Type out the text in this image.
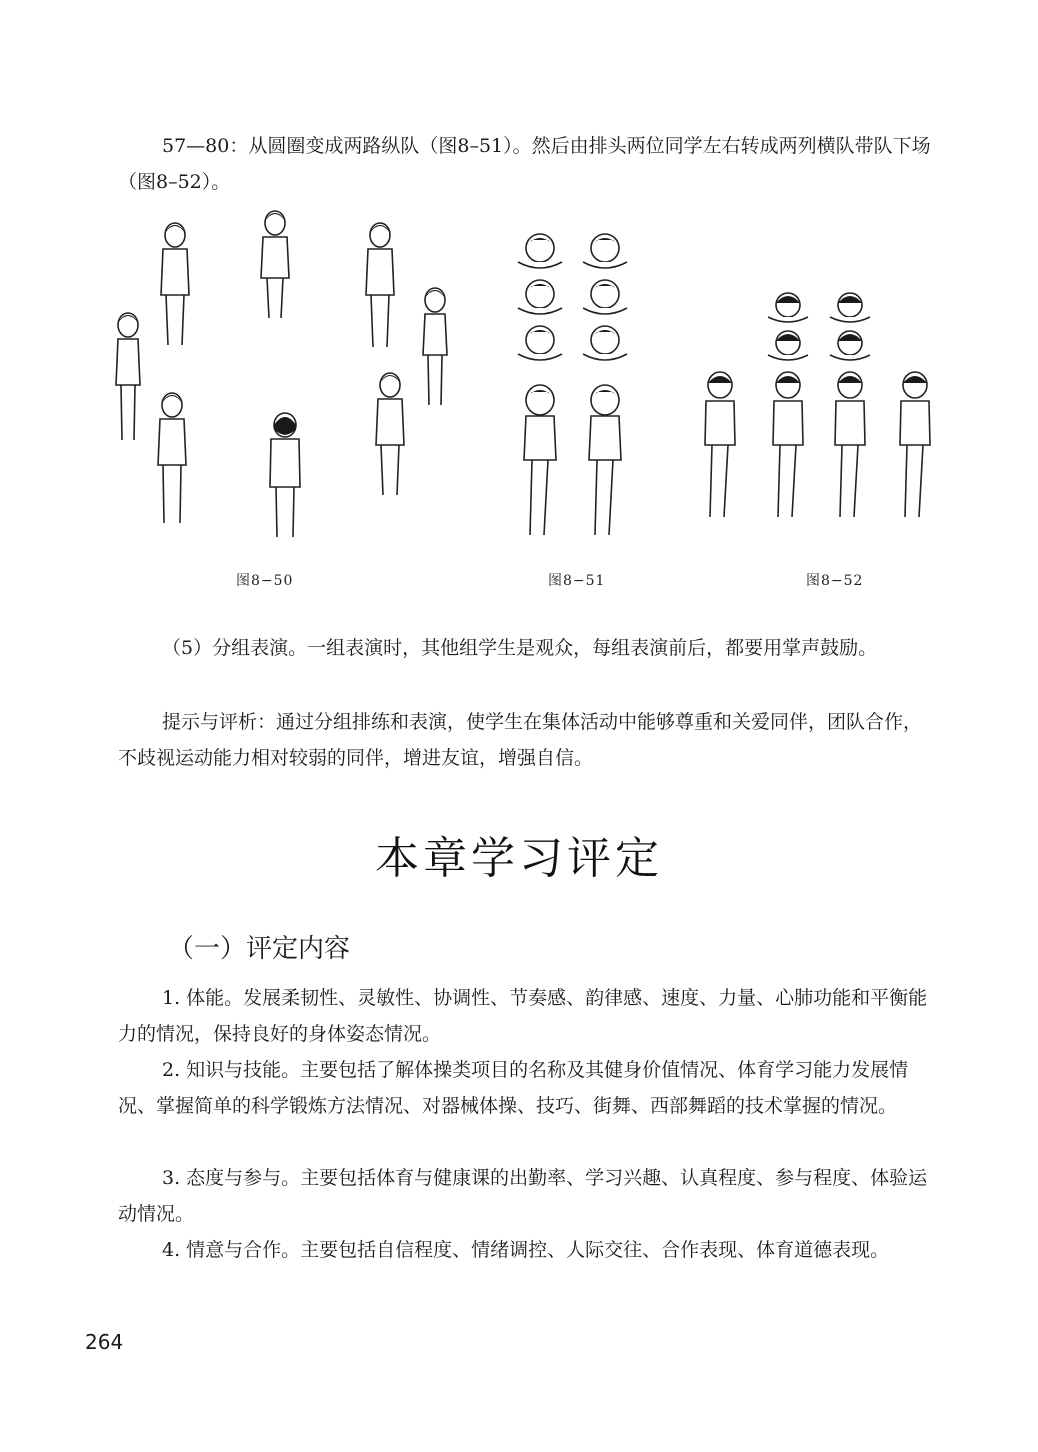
57—80：从圆圈变成两路纵队（图8–51）。然后由排头两位同学左右转成两列横队带队下场（图8–52）。

图8−50	图8−51	图8−52

（5）分组表演。一组表演时，其他组学生是观众，每组表演前后，都要用掌声鼓励。

提示与评析：通过分组排练和表演，使学生在集体活动中能够尊重和关爱同伴，团队合作，不歧视运动能力相对较弱的同伴，增进友谊，增强自信。

本章学习评定
（一）评定内容

1. 体能。发展柔韧性、灵敏性、协调性、节奏感、韵律感、速度、力量、心肺功能和平衡能力的情况，保持良好的身体姿态情况。

2. 知识与技能。主要包括了解体操类项目的名称及其健身价值情况、体育学习能力发展情况、掌握简单的科学锻炼方法情况、对器械体操、技巧、街舞、西部舞蹈的技术掌握的情况。

3. 态度与参与。主要包括体育与健康课的出勤率、学习兴趣、认真程度、参与程度、体验运动情况。

4. 情意与合作。主要包括自信程度、情绪调控、人际交往、合作表现、体育道德表现。

264
